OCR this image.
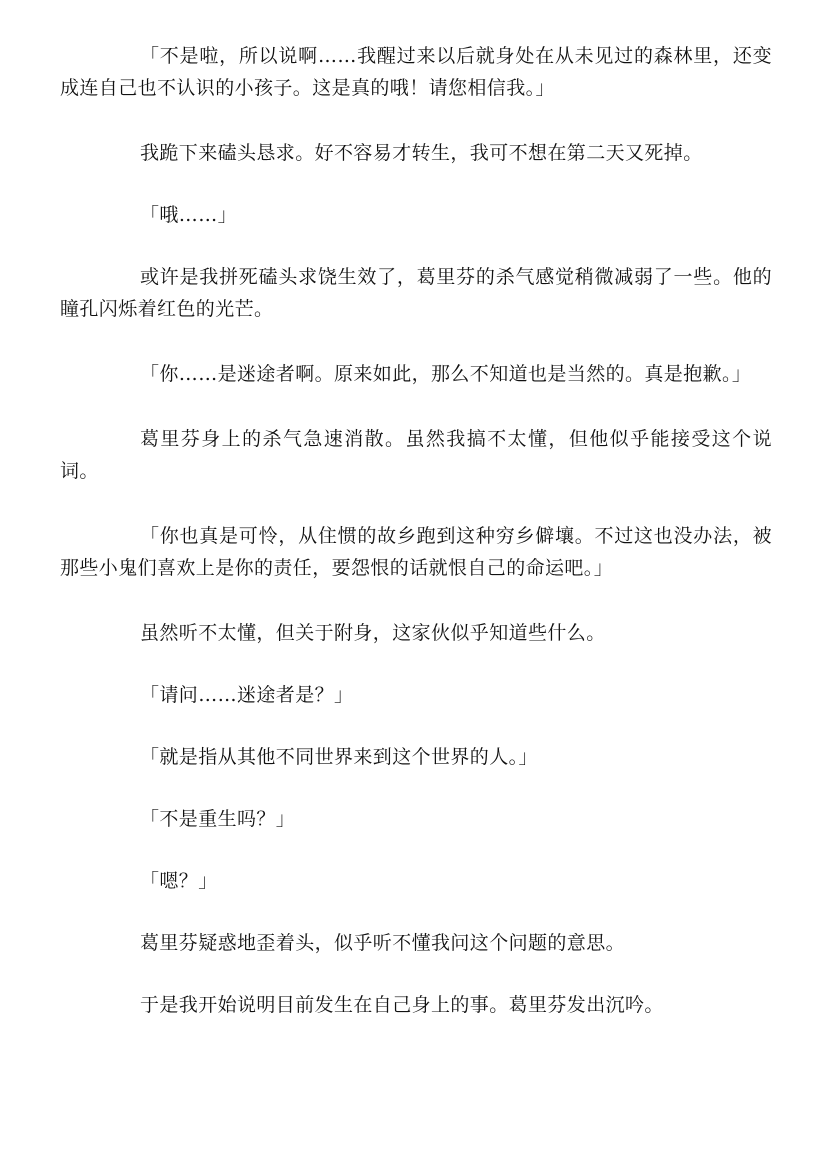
「不是啦，所以说啊……我醒过来以后就身处在从未见过的森林里，还变成连自己也不认识的小孩子。这是真的哦！请您相信我。」

我跪下来磕头恳求。好不容易才转生，我可不想在第二天又死掉。

「哦……」

或许是我拼死磕头求饶生效了，葛里芬的杀气感觉稍微减弱了一些。他的瞳孔闪烁着红色的光芒。

「你……是迷途者啊。原来如此，那么不知道也是当然的。真是抱歉。」

葛里芬身上的杀气急速消散。虽然我搞不太懂，但他似乎能接受这个说词。

「你也真是可怜，从住惯的故乡跑到这种穷乡僻壤。不过这也没办法，被那些小鬼们喜欢上是你的责任，要怨恨的话就恨自己的命运吧。」

虽然听不太懂，但关于附身，这家伙似乎知道些什么。

「请问……迷途者是？」

「就是指从其他不同世界来到这个世界的人。」

「不是重生吗？」

「嗯？」

葛里芬疑惑地歪着头，似乎听不懂我问这个问题的意思。

于是我开始说明目前发生在自己身上的事。葛里芬发出沉吟。
